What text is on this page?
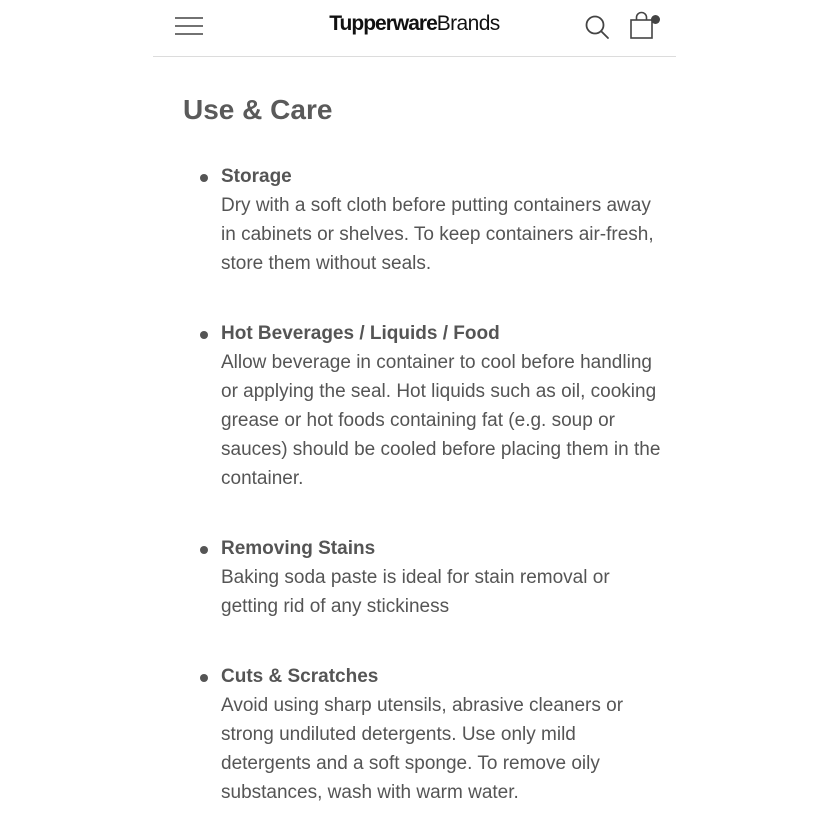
TupperwareBrands
Use & Care
Storage
Dry with a soft cloth before putting containers away in cabinets or shelves. To keep containers air-fresh, store them without seals.
Hot Beverages / Liquids / Food
Allow beverage in container to cool before handling or applying the seal. Hot liquids such as oil, cooking grease or hot foods containing fat (e.g. soup or sauces) should be cooled before placing them in the container.
Removing Stains
Baking soda paste is ideal for stain removal or getting rid of any stickiness
Cuts & Scratches
Avoid using sharp utensils, abrasive cleaners or strong undiluted detergents. Use only mild detergents and a soft sponge. To remove oily substances, wash with warm water.
